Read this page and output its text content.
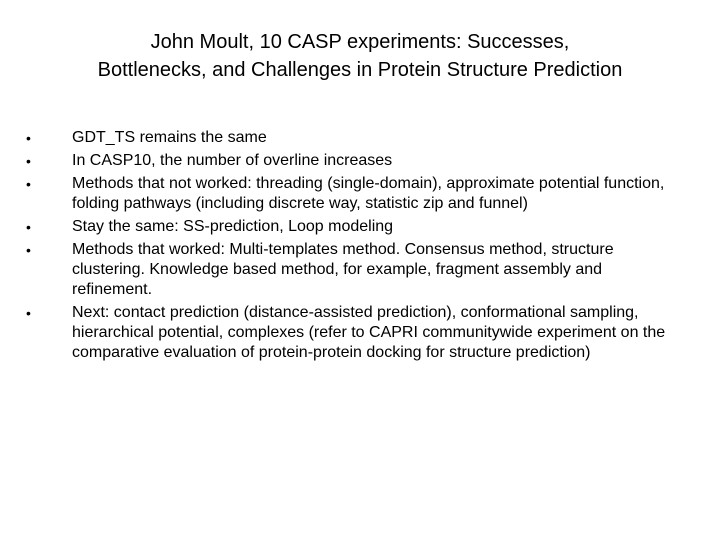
John Moult, 10 CASP experiments: Successes,
Bottlenecks, and Challenges in Protein Structure Prediction
•	GDT_TS remains the same
•	In CASP10, the number of overline increases
•	Methods that not worked: threading (single-domain), approximate potential function, folding pathways (including discrete way, statistic zip and funnel)
•	Stay the same: SS-prediction, Loop modeling
•	Methods that worked: Multi-templates method. Consensus method, structure clustering. Knowledge based method, for example, fragment assembly and refinement.
•	Next: contact prediction (distance-assisted prediction), conformational sampling, hierarchical potential, complexes (refer to CAPRI communitywide experiment on the comparative evaluation of protein-protein docking for structure prediction)
